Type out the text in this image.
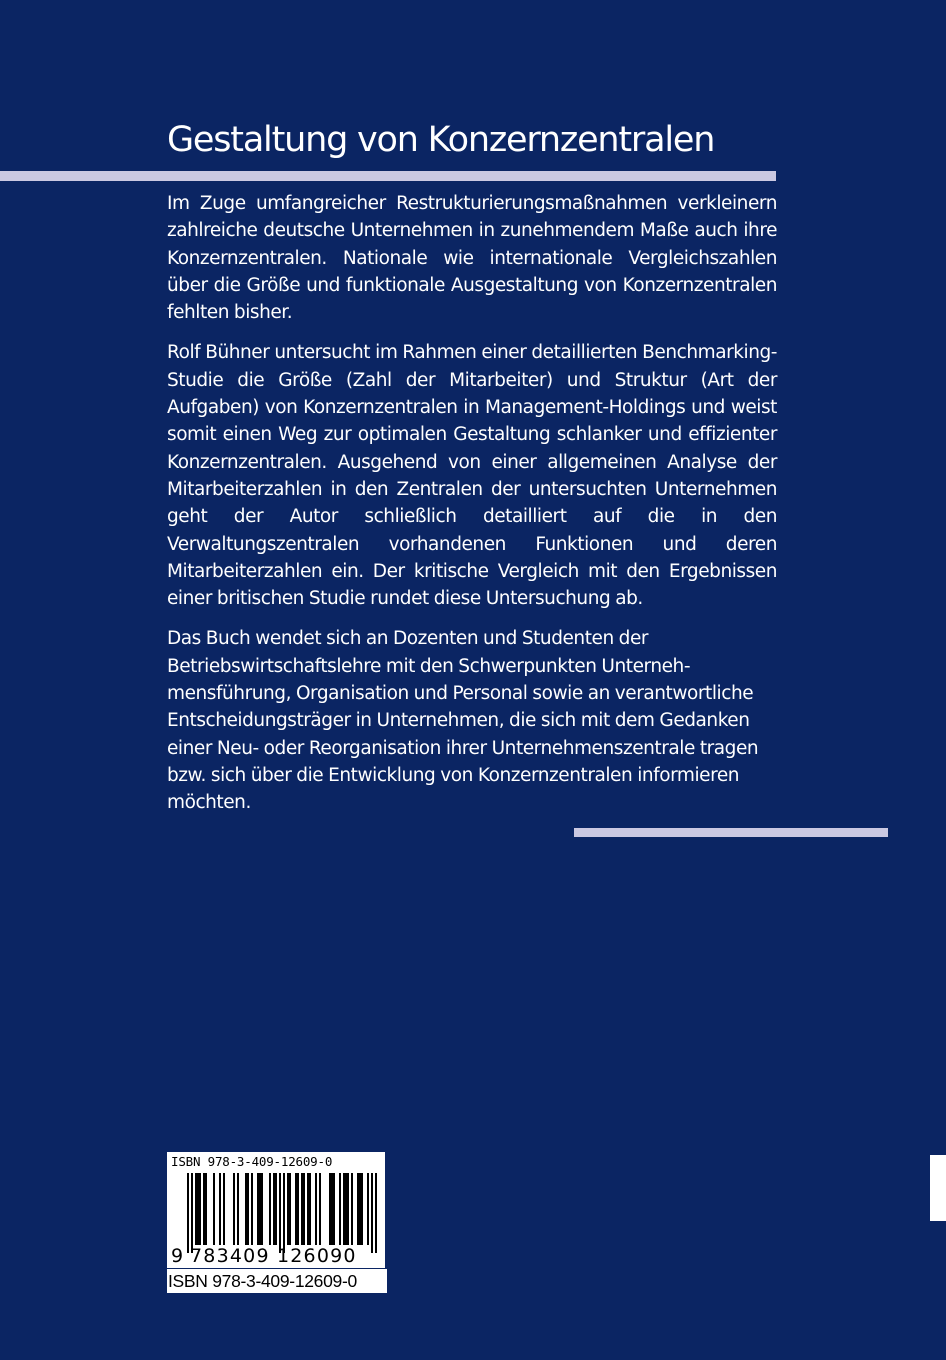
Gestaltung von Konzernzentralen

Im Zuge umfangreicher Restrukturierungsmaßnahmen verkleinern zahlreiche deutsche Unternehmen in zunehmendem Maße auch ihre Konzernzentralen. Nationale wie internationale Vergleichszahlen über die Größe und funktionale Ausgestaltung von Konzernzentralen fehlten bisher.

Rolf Bühner untersucht im Rahmen einer detaillierten Benchmarking-Studie die Größe (Zahl der Mitarbeiter) und Struktur (Art der Aufgaben) von Konzernzentralen in Management-Holdings und weist somit einen Weg zur optimalen Gestaltung schlanker und effizienter Konzernzentralen. Ausgehend von einer allgemeinen Analyse der Mitarbeiterzahlen in den Zentralen der untersuchten Unternehmen geht der Autor schließlich detailliert auf die in den Verwaltungszentralen vorhandenen Funktionen und deren Mitarbeiterzahlen ein. Der kritische Vergleich mit den Ergebnissen einer britischen Studie rundet diese Untersuchung ab.

Das Buch wendet sich an Dozenten und Studenten der Betriebswirtschaftslehre mit den Schwerpunkten Unternehmensführung, Organisation und Personal sowie an verantwortliche Entscheidungsträger in Unternehmen, die sich mit dem Gedanken einer Neu- oder Reorganisation ihrer Unternehmenszentrale tragen bzw. sich über die Entwicklung von Konzernzentralen informieren möchten.

ISBN 978-3-409-12609-0
9 783409 126090
ISBN 978-3-409-12609-0
